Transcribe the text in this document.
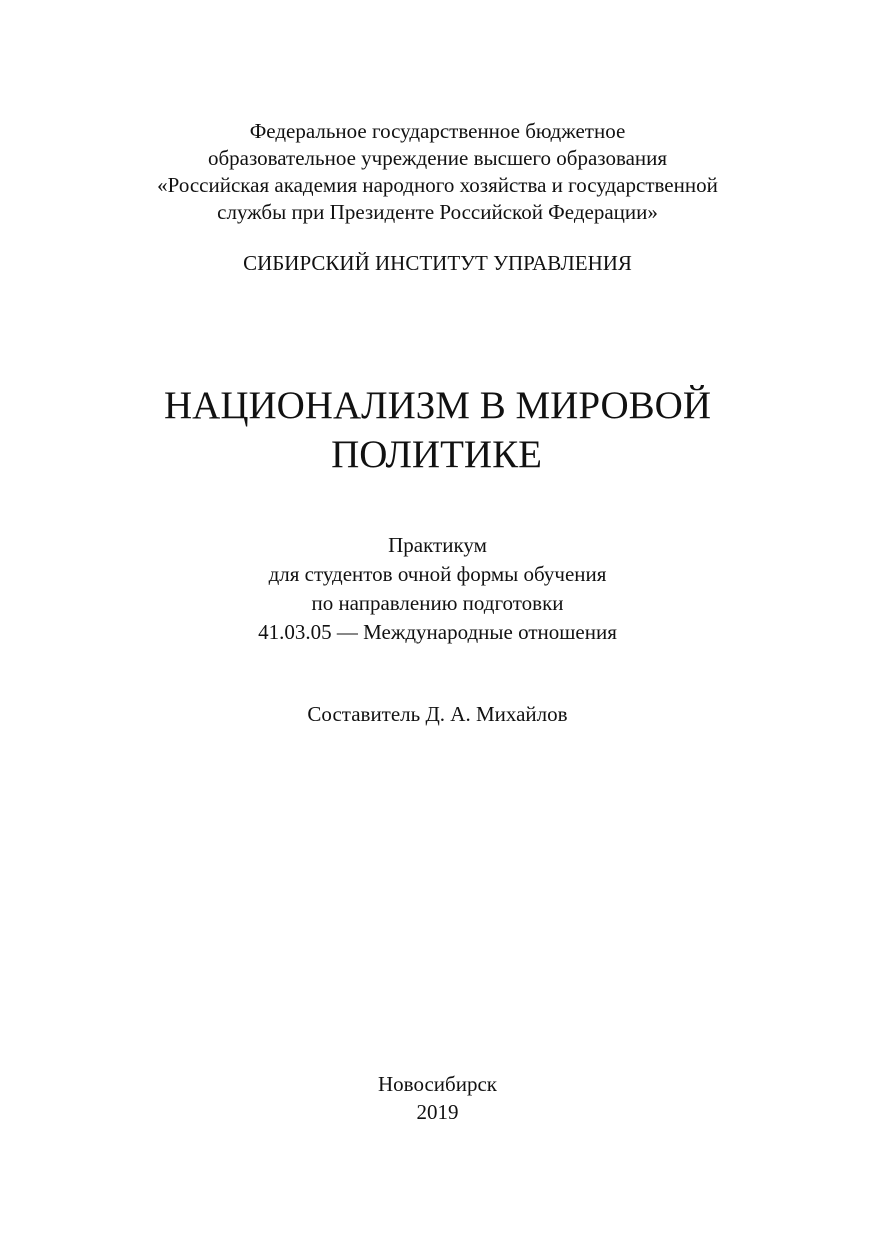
Федеральное государственное бюджетное
образовательное учреждение высшего образования
«Российская академия народного хозяйства и государственной
службы при Президенте Российской Федерации»
СИБИРСКИЙ ИНСТИТУТ УПРАВЛЕНИЯ
НАЦИОНАЛИЗМ В МИРОВОЙ
ПОЛИТИКЕ
Практикум
для студентов очной формы обучения
по направлению подготовки
41.03.05 — Международные отношения
Составитель Д. А. Михайлов
Новосибирск
2019
